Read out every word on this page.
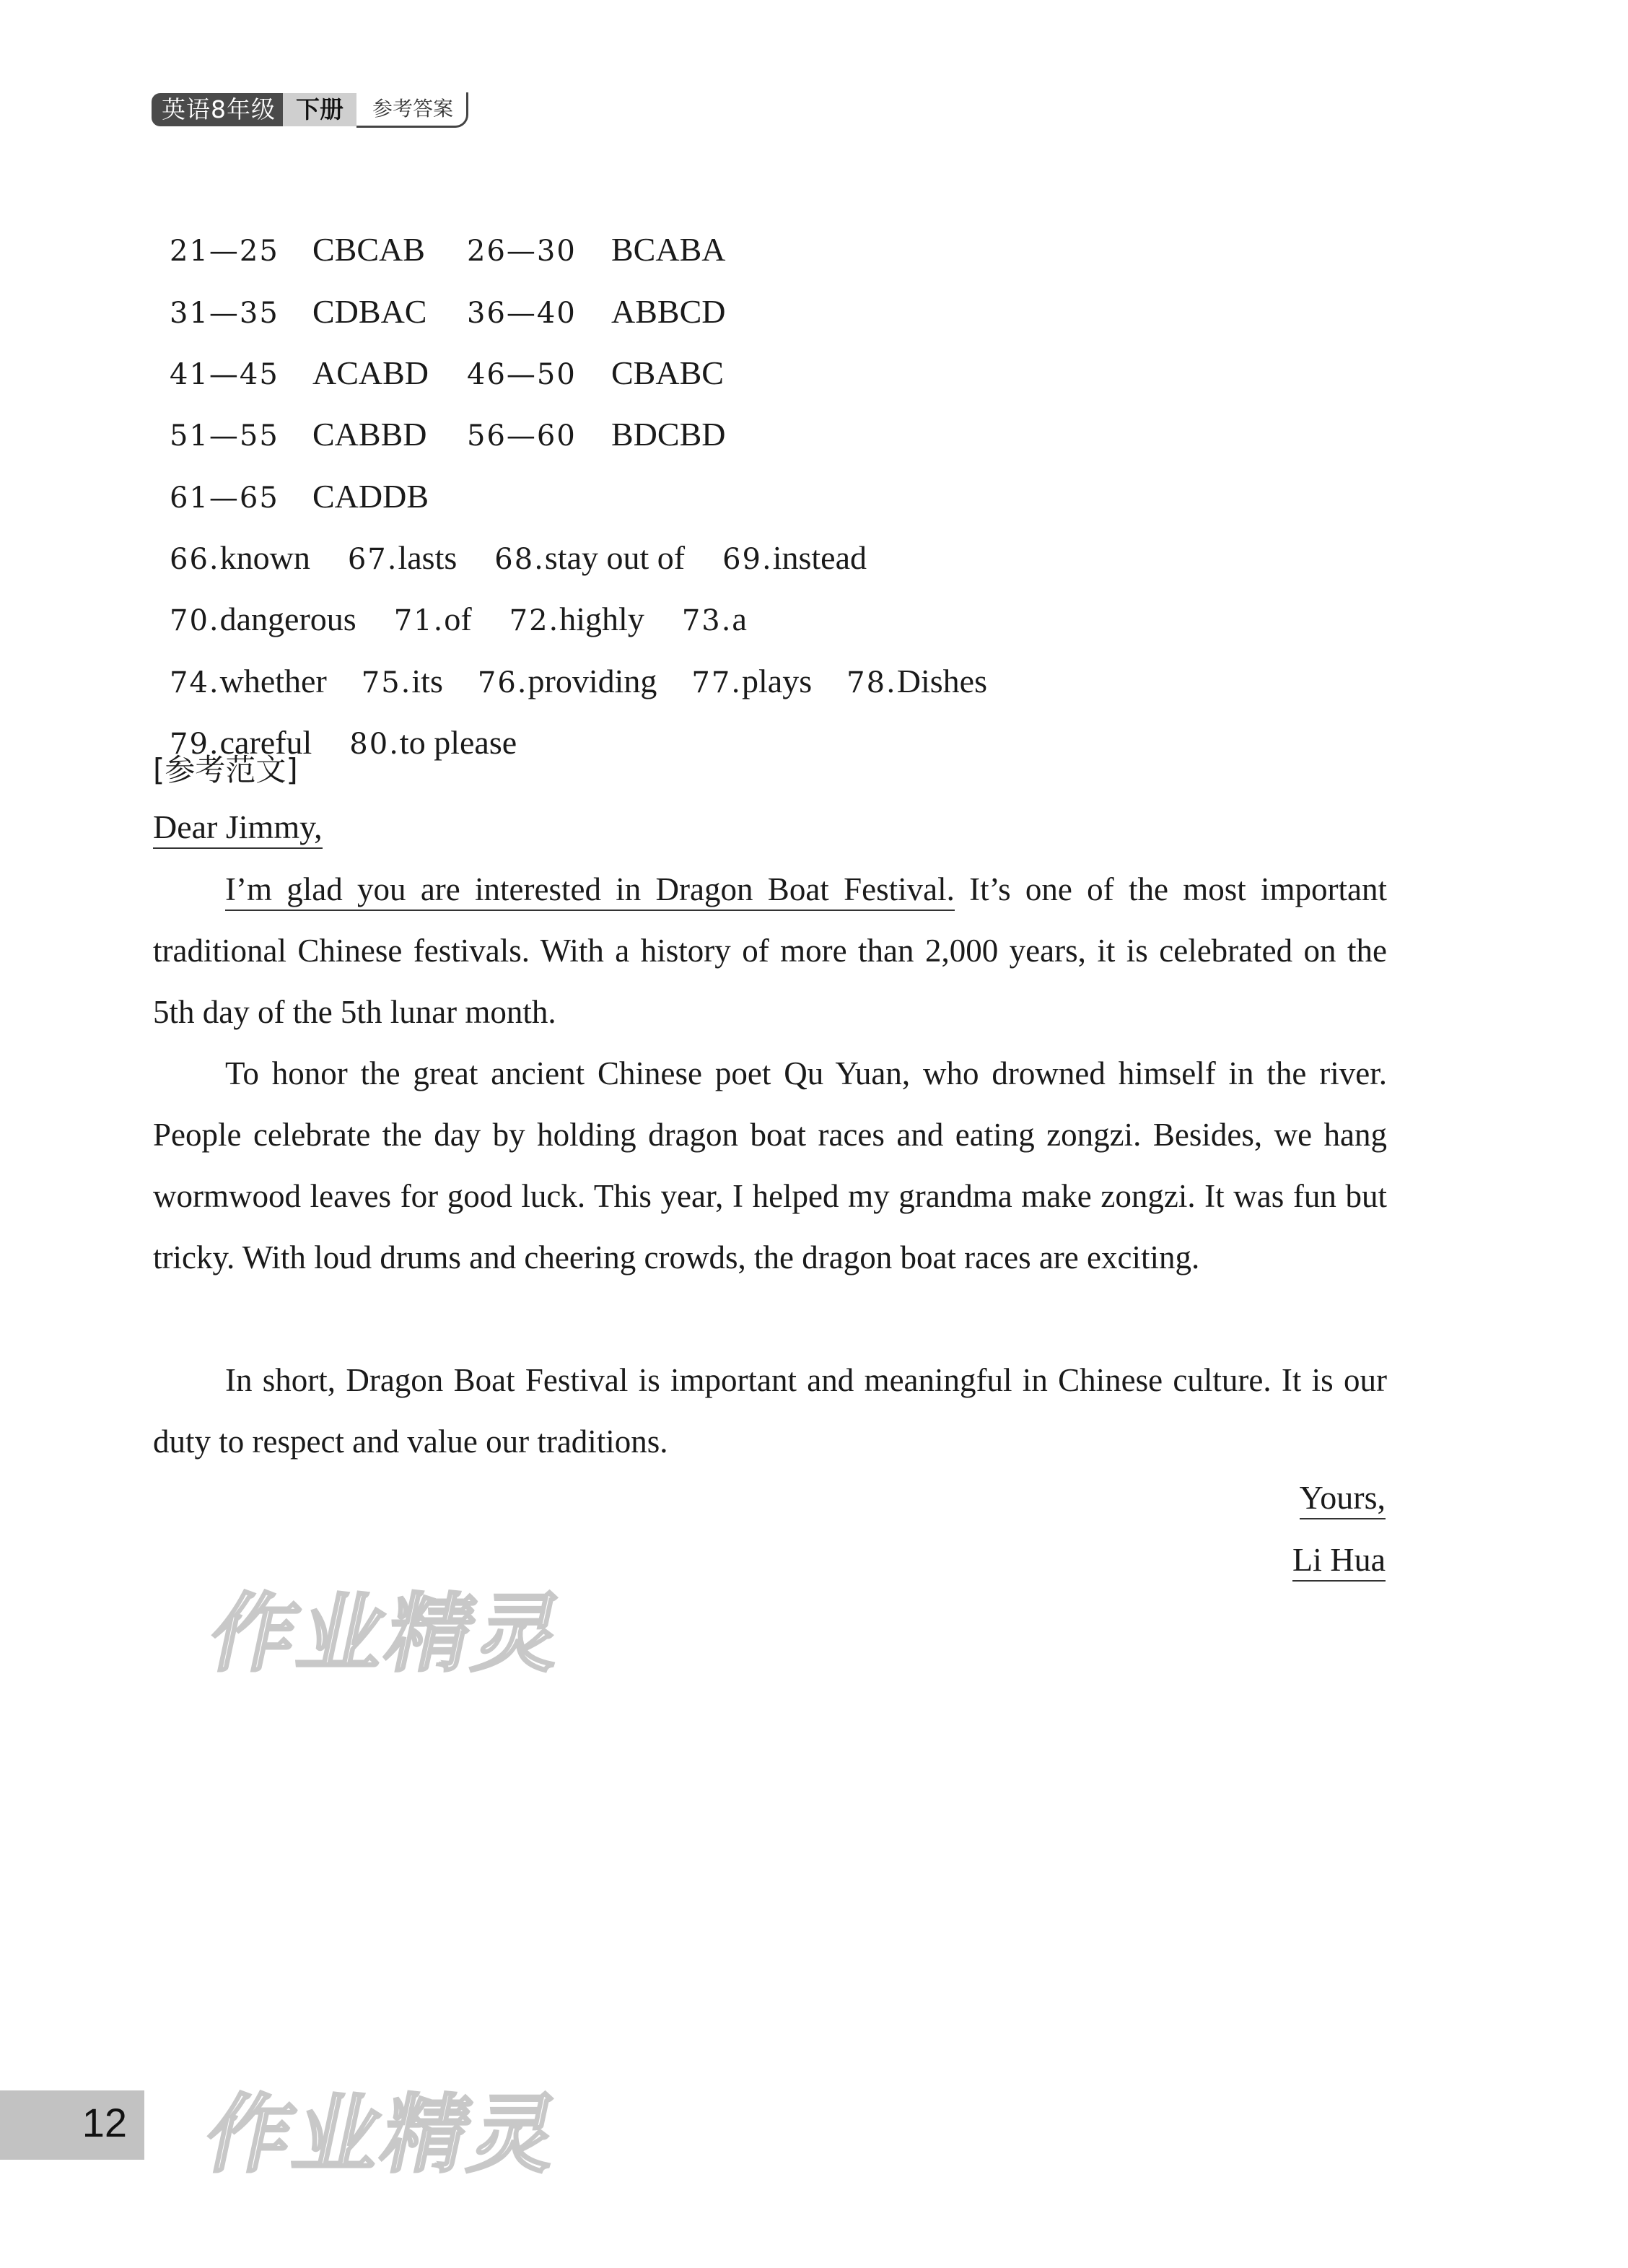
英语8年级 下册	参考答案

21—25 CBCAB 26—30 BCABA

31—35 CDBAC 36—40 ABBCD

41—45 ACABD 46—50 CBABC

51—55 CABBD 56—60 BDCBD

61—65 CADDB

66.known 67.lasts 68.stay out of 69.instead

70.dangerous 71.of 72.highly 73.a

74.whether 75.its 76.providing 77.plays 78.Dishes

79.careful 80.to please

[参考范文]
Dear Jimmy,
I’m glad you are interested in Dragon Boat Festival. It’s one of the most important traditional Chinese festivals. With a history of more than 2,000 years, it is celebrated on the 5th day of the 5th lunar month.
To honor the great ancient Chinese poet Qu Yuan, who drowned himself in the river. People celebrate the day by holding dragon boat races and eating zongzi. Besides, we hang wormwood leaves for good luck. This year, I helped my grandma make zongzi. It was fun but tricky. With loud drums and cheering crowds, the dragon boat races are exciting.
In short, Dragon Boat Festival is important and meaningful in Chinese culture. It is our duty to respect and value our traditions.
Yours,
Li Hua
作业精灵
作业精灵
12
